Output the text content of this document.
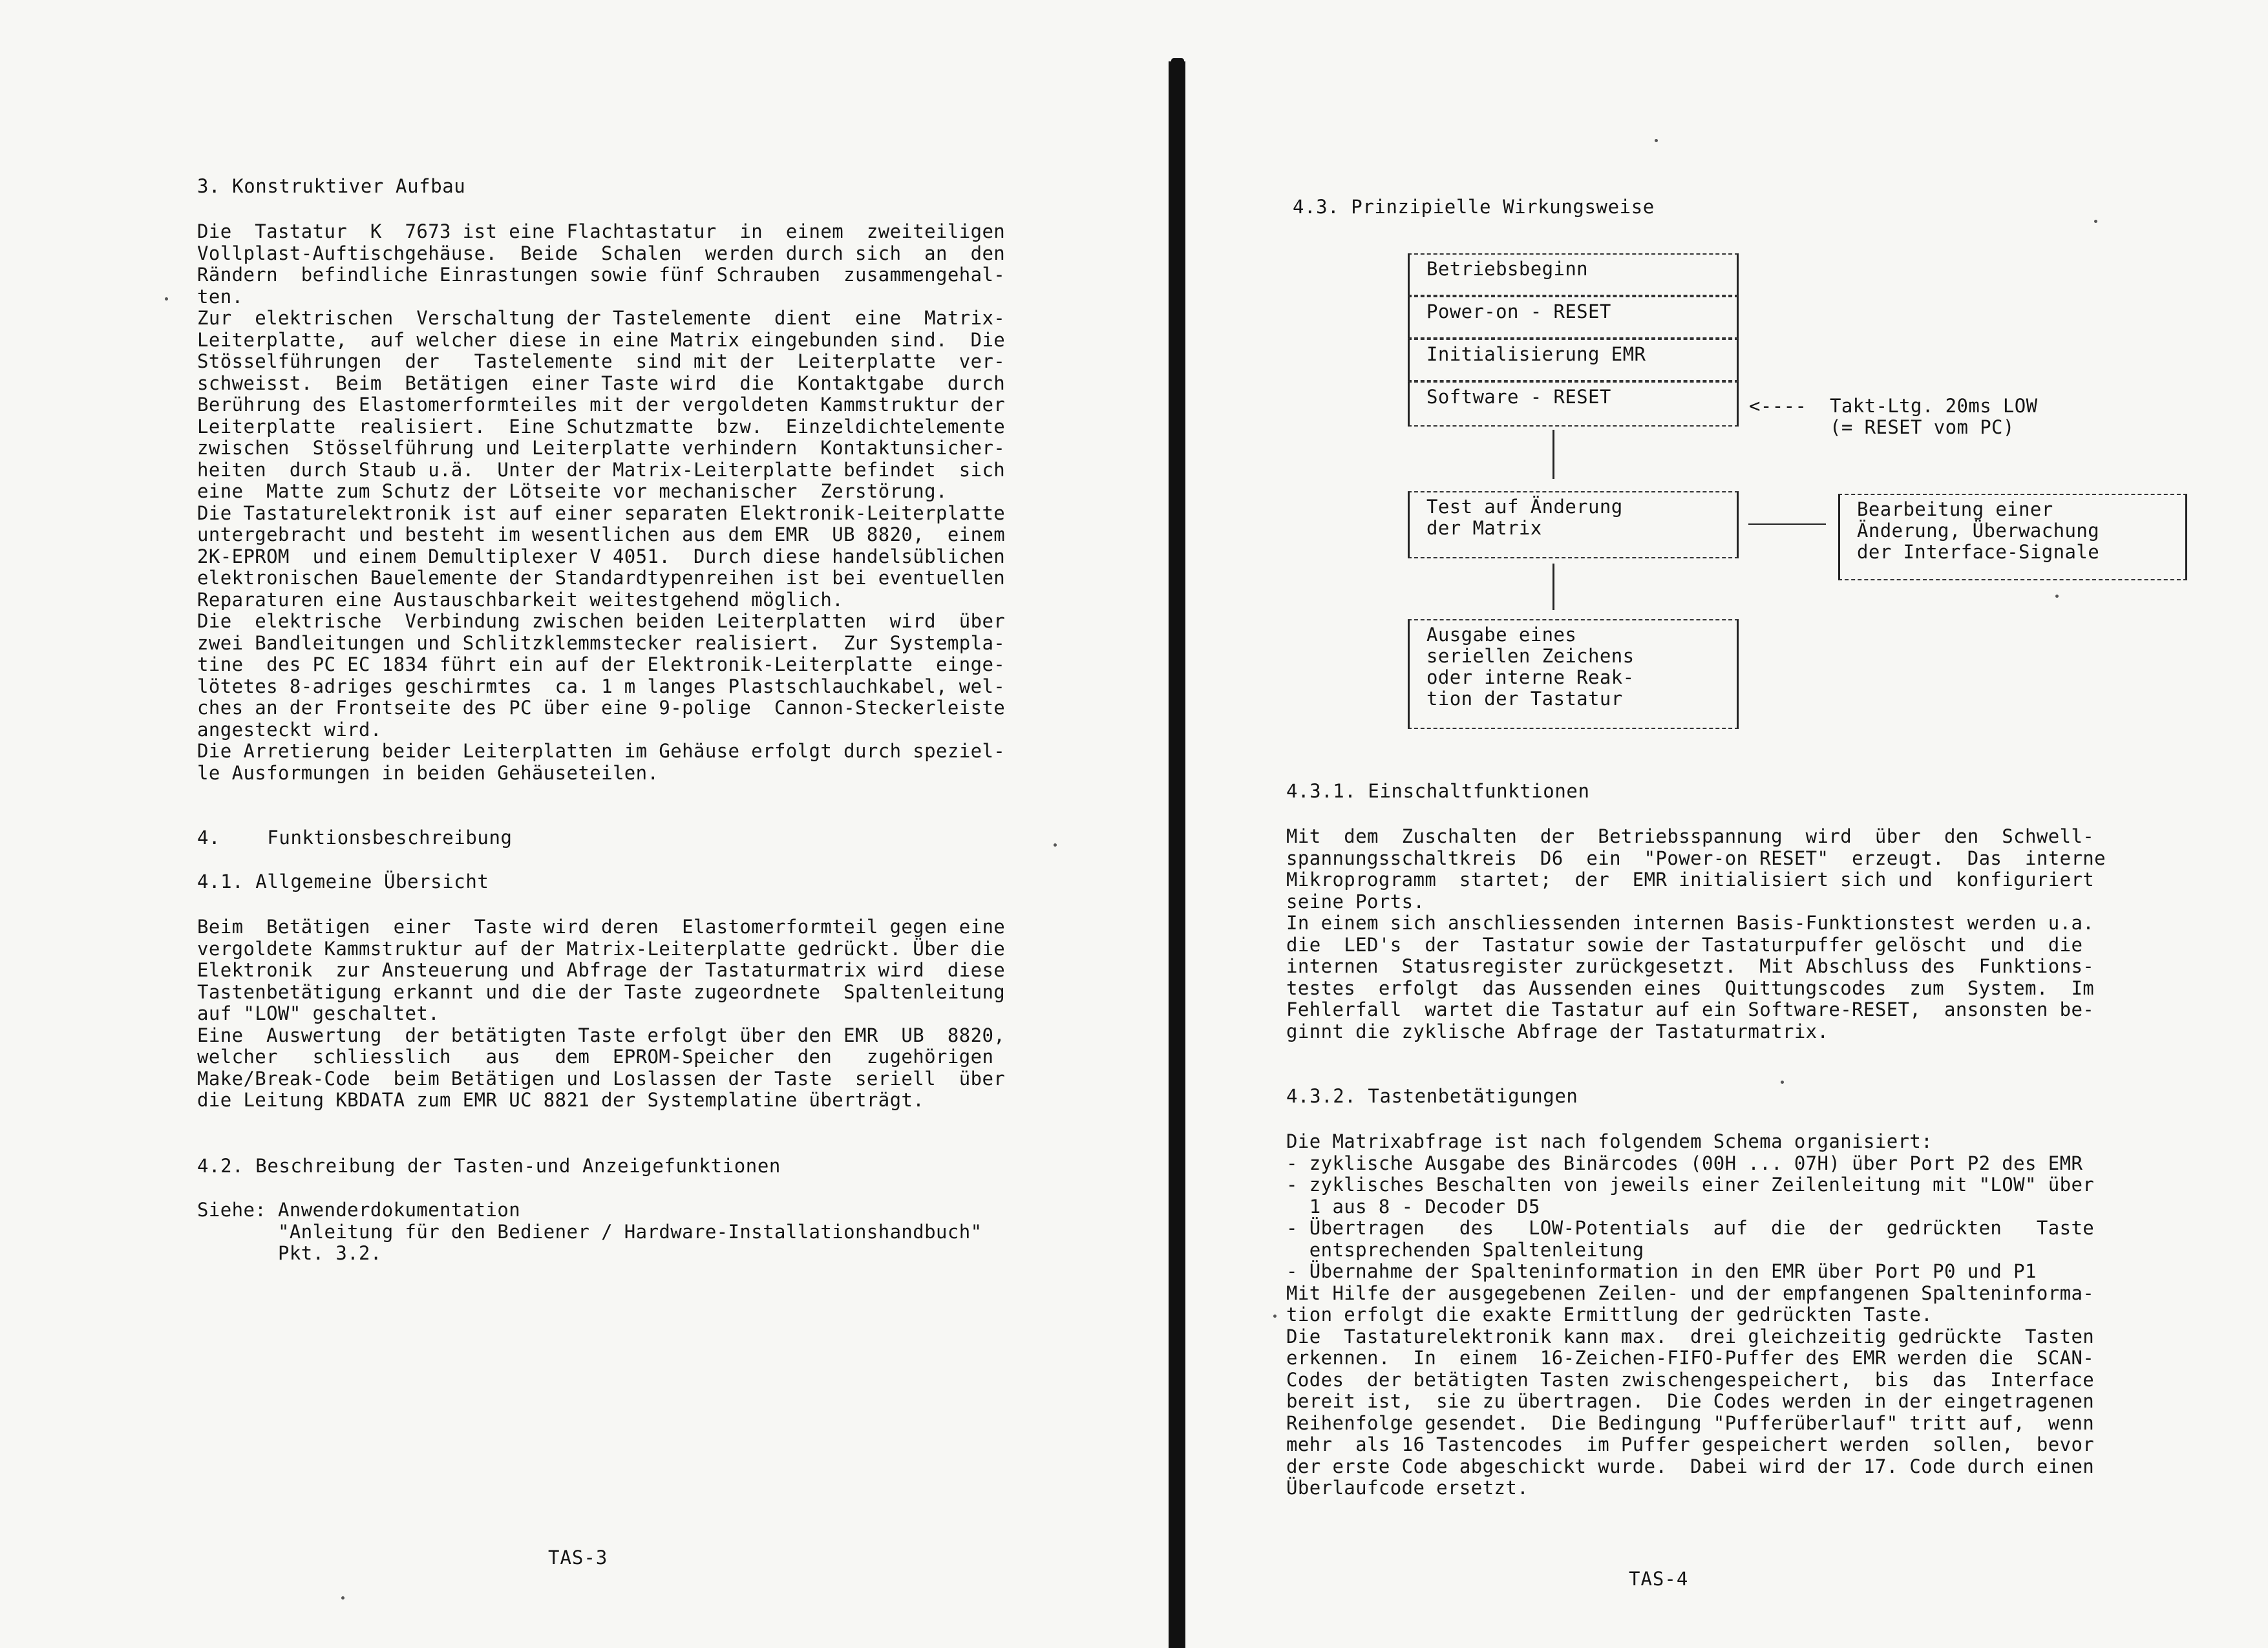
3. Konstruktiver Aufbau
Die  Tastatur  K  7673 ist eine Flachtastatur  in  einem  zweiteiligen
Vollplast-Auftischgehäuse.  Beide  Schalen  werden durch sich  an  den
Rändern  befindliche Einrastungen sowie fünf Schrauben  zusammengehal-
ten.
Zur  elektrischen  Verschaltung der Tastelemente  dient  eine  Matrix-
Leiterplatte,  auf welcher diese in eine Matrix eingebunden sind.  Die
Stösselführungen  der   Tastelemente  sind mit der  Leiterplatte  ver-
schweisst.  Beim  Betätigen  einer Taste wird  die  Kontaktgabe  durch
Berührung des Elastomerformteiles mit der vergoldeten Kammstruktur der
Leiterplatte  realisiert.  Eine Schutzmatte  bzw.  Einzeldichtelemente
zwischen  Stösselführung und Leiterplatte verhindern  Kontaktunsicher-
heiten  durch Staub u.ä.  Unter der Matrix-Leiterplatte befindet  sich
eine  Matte zum Schutz der Lötseite vor mechanischer  Zerstörung.
Die Tastaturelektronik ist auf einer separaten Elektronik-Leiterplatte
untergebracht und besteht im wesentlichen aus dem EMR  UB 8820,  einem
2K-EPROM  und einem Demultiplexer V 4051.  Durch diese handelsüblichen
elektronischen Bauelemente der Standardtypenreihen ist bei eventuellen
Reparaturen eine Austauschbarkeit weitestgehend möglich.
Die  elektrische  Verbindung zwischen beiden Leiterplatten  wird  über
zwei Bandleitungen und Schlitzklemmstecker realisiert.  Zur Systempla-
tine  des PC EC 1834 führt ein auf der Elektronik-Leiterplatte  einge-
lötetes 8-adriges geschirmtes  ca. 1 m langes Plastschlauchkabel, wel-
ches an der Frontseite des PC über eine 9-polige  Cannon-Steckerleiste
angesteckt wird.
Die Arretierung beider Leiterplatten im Gehäuse erfolgt durch speziel-
le Ausformungen in beiden Gehäuseteilen.
4.    Funktionsbeschreibung
4.1. Allgemeine Übersicht
Beim  Betätigen  einer  Taste wird deren  Elastomerformteil gegen eine
vergoldete Kammstruktur auf der Matrix-Leiterplatte gedrückt. Über die
Elektronik  zur Ansteuerung und Abfrage der Tastaturmatrix wird  diese
Tastenbetätigung erkannt und die der Taste zugeordnete  Spaltenleitung
auf "LOW" geschaltet.
Eine  Auswertung  der betätigten Taste erfolgt über den EMR  UB  8820,
welcher   schliesslich   aus   dem  EPROM-Speicher  den   zugehörigen
Make/Break-Code  beim Betätigen und Loslassen der Taste  seriell  über
die Leitung KBDATA zum EMR UC 8821 der Systemplatine überträgt.
4.2. Beschreibung der Tasten-und Anzeigefunktionen
Siehe: Anwenderdokumentation
"Anleitung für den Bediener / Hardware-Installationshandbuch"
Pkt. 3.2.
TAS-3
4.3. Prinzipielle Wirkungsweise
Betriebsbeginn
Power-on - RESET
Initialisierung EMR
Software - RESET	<----  Takt-Ltg. 20ms LOW
(= RESET vom PC)
Test auf Änderung
der Matrix
Bearbeitung einer
Änderung, Überwachung
der Interface-Signale
Ausgabe eines
seriellen Zeichens
oder interne Reak-
tion der Tastatur
4.3.1. Einschaltfunktionen
Mit  dem  Zuschalten  der  Betriebsspannung  wird  über  den  Schwell-
spannungsschaltkreis  D6  ein  "Power-on RESET"  erzeugt.  Das  interne
Mikroprogramm  startet;  der  EMR initialisiert sich und  konfiguriert
seine Ports.
In einem sich anschliessenden internen Basis-Funktionstest werden u.a.
die  LED's  der  Tastatur sowie der Tastaturpuffer gelöscht  und  die
internen  Statusregister zurückgesetzt.  Mit Abschluss des  Funktions-
testes  erfolgt  das Aussenden eines  Quittungscodes  zum  System.  Im
Fehlerfall  wartet die Tastatur auf ein Software-RESET,  ansonsten be-
ginnt die zyklische Abfrage der Tastaturmatrix.
4.3.2. Tastenbetätigungen
Die Matrixabfrage ist nach folgendem Schema organisiert:
- zyklische Ausgabe des Binärcodes (00H ... 07H) über Port P2 des EMR
- zyklisches Beschalten von jeweils einer Zeilenleitung mit "LOW" über
1 aus 8 - Decoder D5
- Übertragen   des   LOW-Potentials  auf  die  der  gedrückten   Taste
entsprechenden Spaltenleitung
- Übernahme der Spalteninformation in den EMR über Port P0 und P1
Mit Hilfe der ausgegebenen Zeilen- und der empfangenen Spalteninforma-
tion erfolgt die exakte Ermittlung der gedrückten Taste.
Die  Tastaturelektronik kann max.  drei gleichzeitig gedrückte  Tasten
erkennen.  In  einem  16-Zeichen-FIFO-Puffer des EMR werden die  SCAN-
Codes  der betätigten Tasten zwischengespeichert,  bis  das  Interface
bereit ist,  sie zu übertragen.  Die Codes werden in der eingetragenen
Reihenfolge gesendet.  Die Bedingung "Pufferüberlauf" tritt auf,  wenn
mehr  als 16 Tastencodes  im Puffer gespeichert werden  sollen,  bevor
der erste Code abgeschickt wurde.  Dabei wird der 17. Code durch einen
Überlaufcode ersetzt.
TAS-4
